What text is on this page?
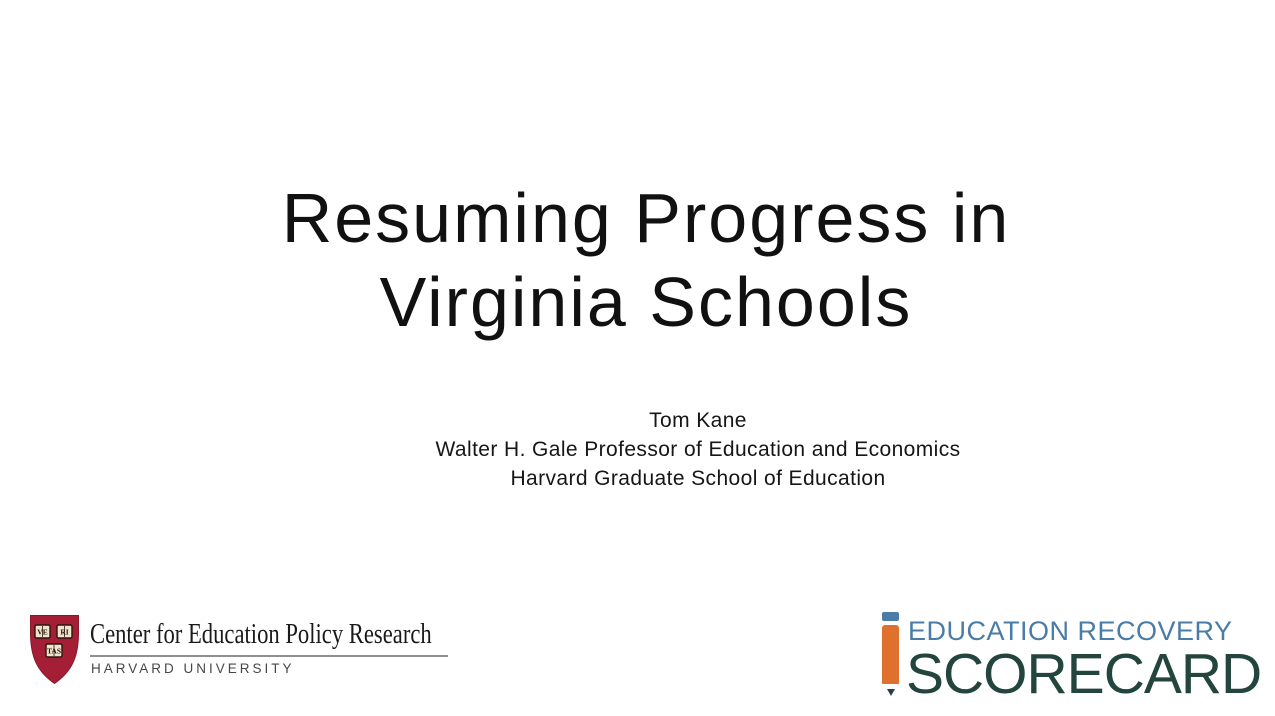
Resuming Progress in
Virginia Schools
Tom Kane
Walter H. Gale Professor of Education and Economics
Harvard Graduate School of Education
VE RI
TAS
Center for Education Policy Research
HARVARD UNIVERSITY
EDUCATION RECOVERY
SCORECARD
